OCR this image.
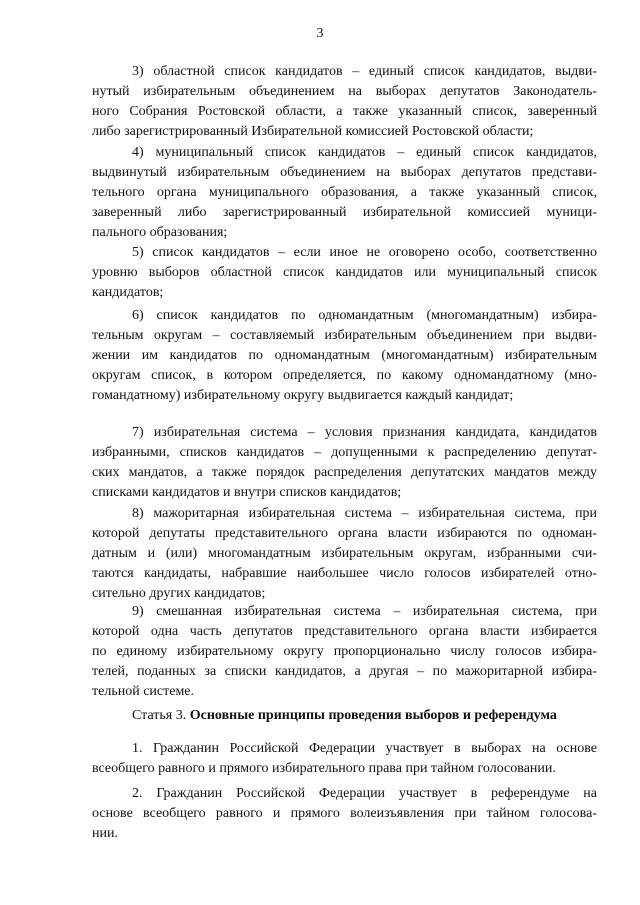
3
3) областной список кандидатов – единый список кандидатов, выдви-
нутый избирательным объединением на выборах депутатов Законодатель-
ного Собрания Ростовской области, а также указанный список, заверенный
либо зарегистрированный Избирательной комиссией Ростовской области;
4) муниципальный список кандидатов – единый список кандидатов,
выдвинутый избирательным объединением на выборах депутатов представи-
тельного органа муниципального образования, а также указанный список,
заверенный либо зарегистрированный избирательной комиссией муници-
пального образования;
5) список кандидатов – если иное не оговорено особо, соответственно
уровню выборов областной список кандидатов или муниципальный список
кандидатов;
6) список кандидатов по одномандатным (многомандатным) избира-
тельным округам – составляемый избирательным объединением при выдви-
жении им кандидатов по одномандатным (многомандатным) избирательным
округам список, в котором определяется, по какому одномандатному (мно-
гомандатному) избирательному округу выдвигается каждый кандидат;
7) избирательная система – условия признания кандидата, кандидатов
избранными, списков кандидатов – допущенными к распределению депутат-
ских мандатов, а также порядок распределения депутатских мандатов между
списками кандидатов и внутри списков кандидатов;
8) мажоритарная избирательная система – избирательная система, при
которой депутаты представительного органа власти избираются по одноман-
датным и (или) многомандатным избирательным округам, избранными счи-
таются кандидаты, набравшие наибольшее число голосов избирателей отно-
сительно других кандидатов;
9) смешанная избирательная система – избирательная система, при
которой одна часть депутатов представительного органа власти избирается
по единому избирательному округу пропорционально числу голосов избира-
телей, поданных за списки кандидатов, а другая – по мажоритарной избира-
тельной системе.
Статья 3. Основные принципы проведения выборов и референдума
1. Гражданин Российской Федерации участвует в выборах на основе
всеобщего равного и прямого избирательного права при тайном голосовании.
2. Гражданин Российской Федерации участвует в референдуме на
основе всеобщего равного и прямого волеизъявления при тайном голосова-
нии.
